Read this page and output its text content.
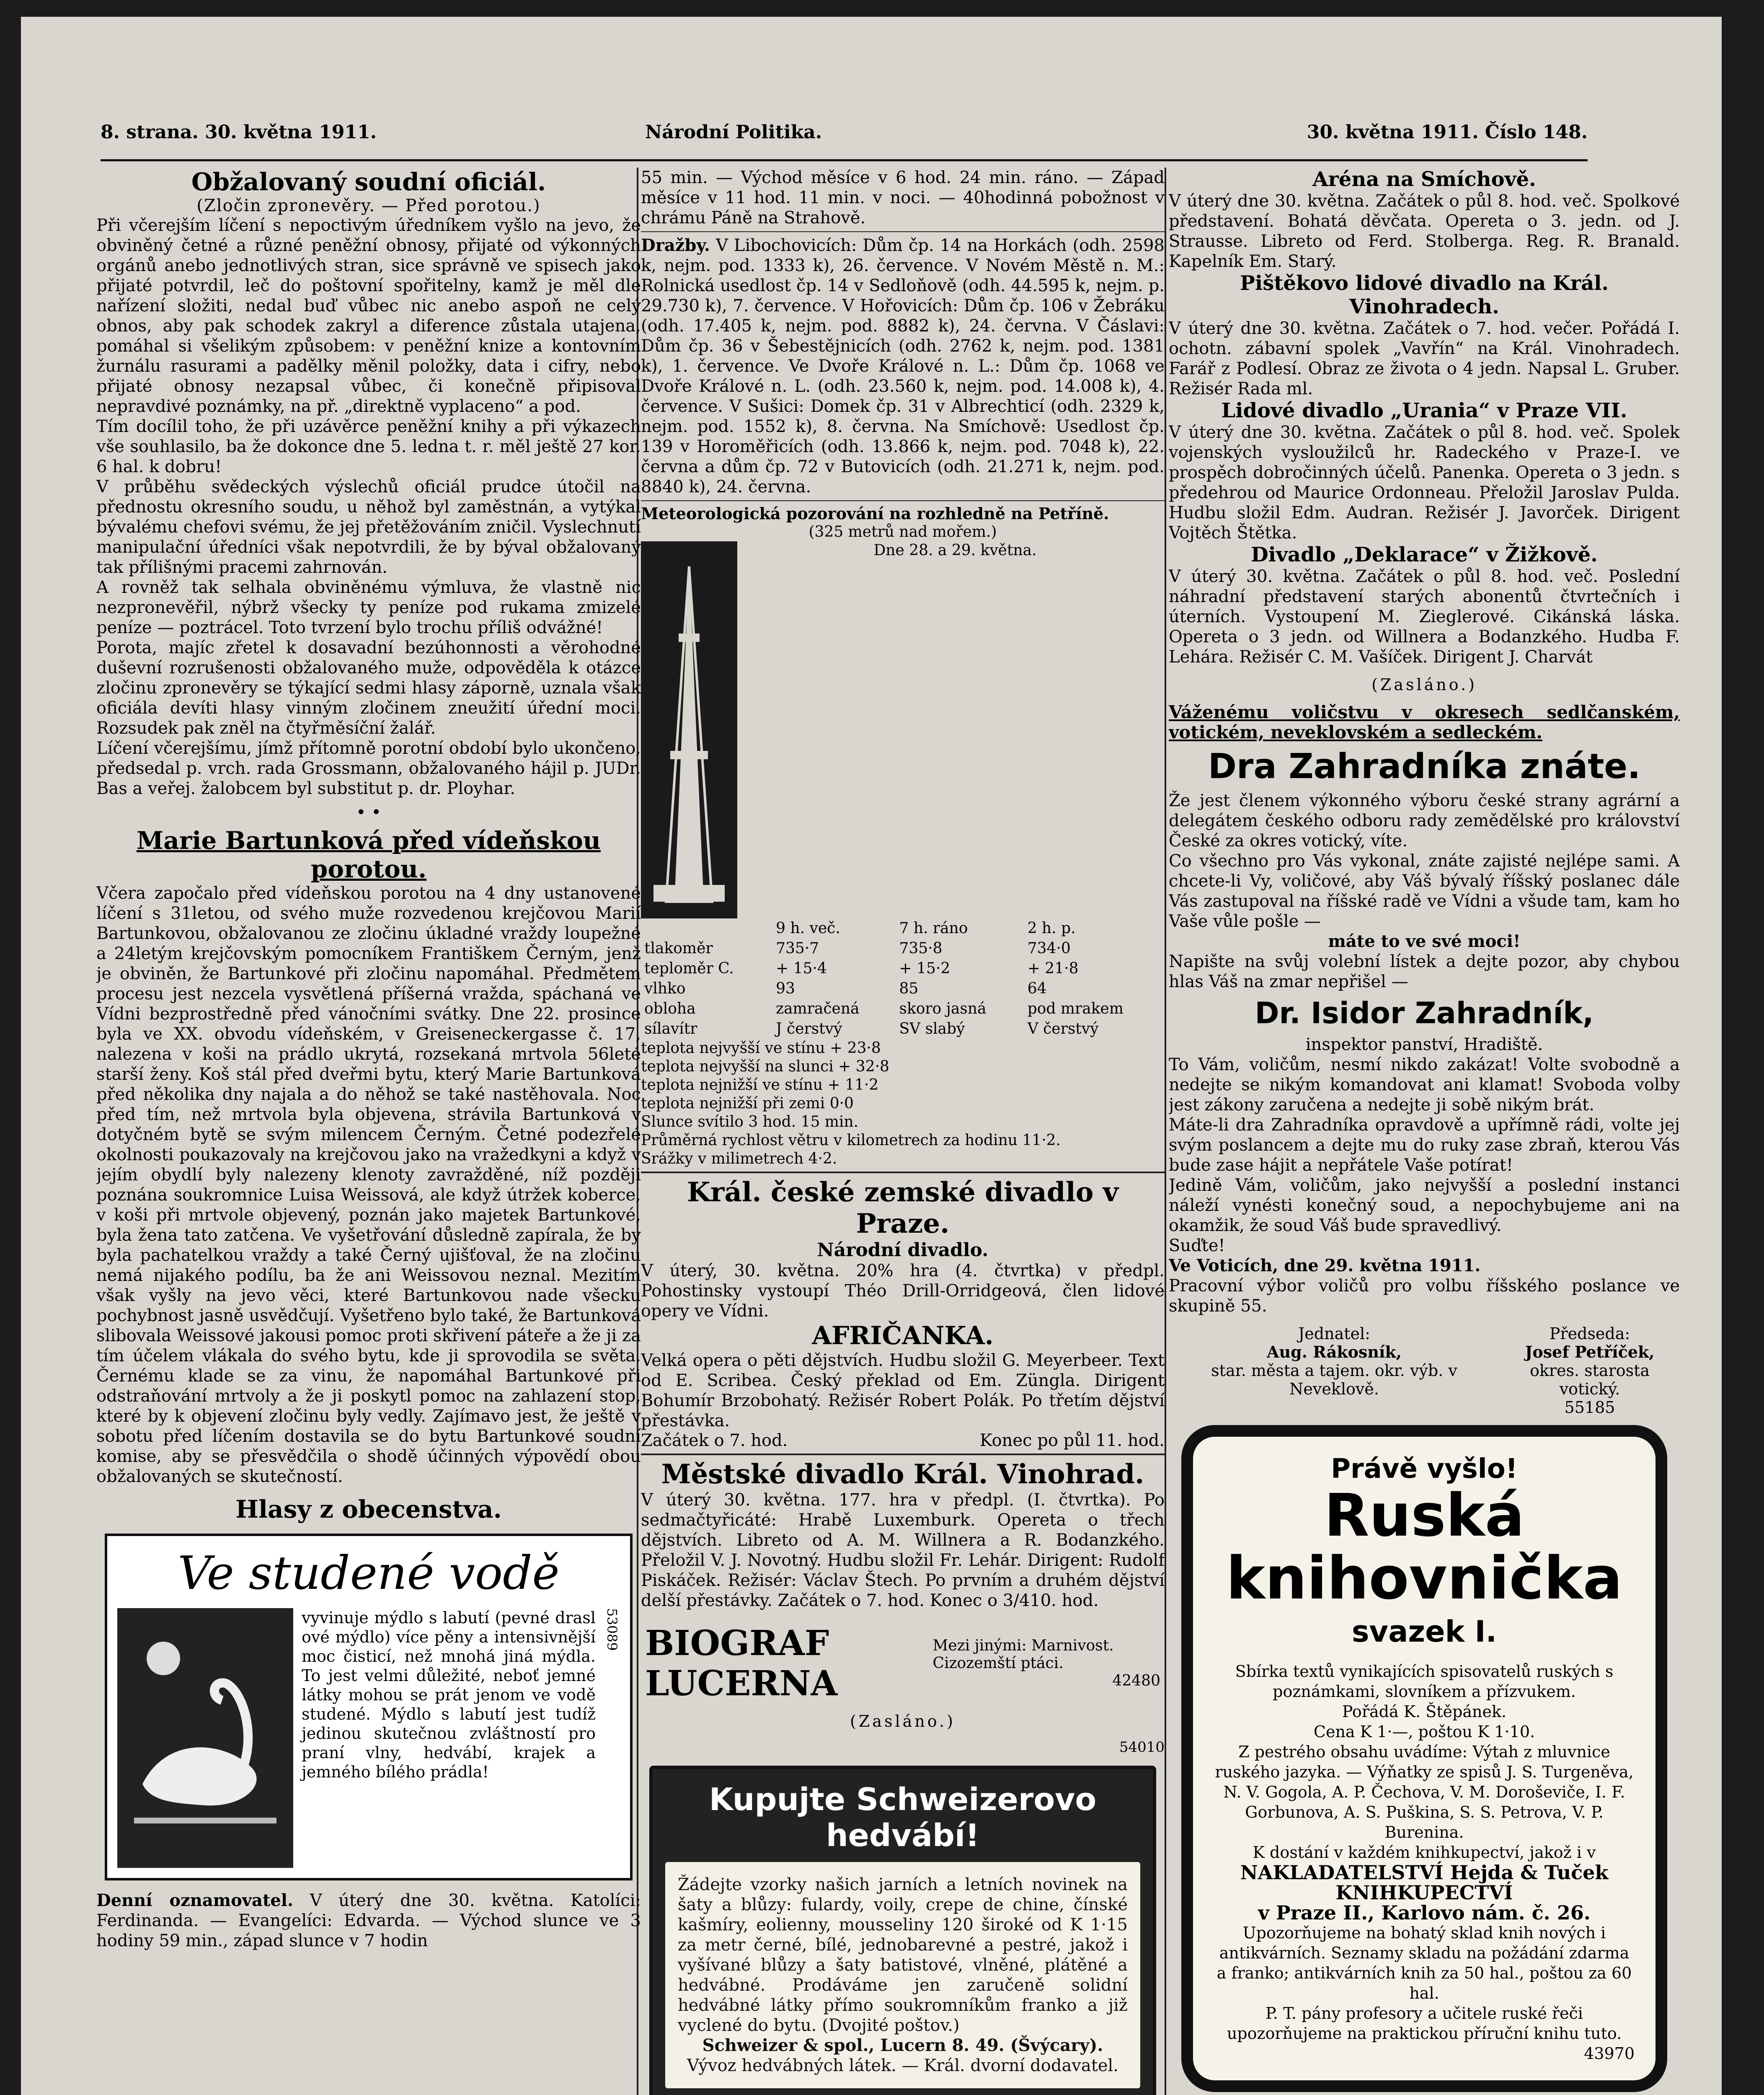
8. strana. 30. května 1911.	Národní Politika.	30. května 1911. Číslo 148.
Obžalovaný soudní oficiál.
(Zločin zpronevěry. — Před porotou.)

Při včerejším líčení s nepoctivým úředníkem vyšlo na jevo, že obviněný četné a různé peněžní obnosy, přijaté od výkonných orgánů anebo jednotlivých stran, sice správně ve spisech jako přijaté potvrdil, leč do poštovní spořitelny, kamž je měl dle nařízení složiti, nedal buď vůbec nic anebo aspoň ne celý obnos, aby pak schodek zakryl a diference zůstala utajena, pomáhal si všelikým způsobem: v peněžní knize a kontovním žurnálu rasurami a padělky měnil položky, data i cifry, nebo přijaté obnosy nezapsal vůbec, či konečně připisoval nepravdivé poznámky, na př. „direktně vyplaceno“ a pod.

Tím docílil toho, že při uzávěrce peněžní knihy a při výkazech vše souhlasilo, ba že dokonce dne 5. ledna t. r. měl ještě 27 kor. 6 hal. k dobru!

V průběhu svědeckých výslechů oficiál prudce útočil na přednostu okresního soudu, u něhož byl zaměstnán, a vytýkal bývalému chefovi svému, že jej přetěžováním zničil. Vyslechnutí manipulační úředníci však nepotvrdili, že by býval obžalovaný tak přílišnými pracemi zahrnován.

A rovněž tak selhala obviněnému výmluva, že vlastně nic nezpronevěřil, nýbrž všecky ty peníze pod rukama zmizelé peníze — poztrácel. Toto tvrzení bylo trochu příliš odvážné!

Porota, majíc zřetel k dosavadní bezúhonnosti a věrohodné duševní rozrušenosti obžalovaného muže, odpověděla k otázce zločinu zpronevěry se týkající sedmi hlasy záporně, uznala však oficiála devíti hlasy vinným zločinem zneužití úřední moci. Rozsudek pak zněl na čtyřměsíční žalář.

Líčení včerejšímu, jímž přítomně porotní období bylo ukončeno, předsedal p. vrch. rada Grossmann, obžalovaného hájil p. JUDr. Bas a veřej. žalobcem byl substitut p. dr. Ployhar.

• •
Marie Bartunková před vídeňskou porotou.

Včera započalo před vídeňskou porotou na 4 dny ustanovené líčení s 31letou, od svého muže rozvedenou krejčovou Marií Bartunkovou, obžalovanou ze zločinu úkladné vraždy loupežné a 24letým krejčovským pomocníkem Františkem Černým, jenž je obviněn, že Bartunkové při zločinu napomáhal. Předmětem procesu jest nezcela vysvětlená příšerná vražda, spáchaná ve Vídni bezprostředně před vánočními svátky. Dne 22. prosince byla ve XX. obvodu vídeňském, v Greiseneckergasse č. 17, nalezena v koši na prádlo ukrytá, rozsekaná mrtvola 56leté starší ženy. Koš stál před dveřmi bytu, který Marie Bartunková před několika dny najala a do něhož se také nastěhovala. Noc před tím, než mrtvola byla objevena, strávila Bartunková v dotyčném bytě se svým milencem Černým. Četné podezřelé okolnosti poukazovaly na krejčovou jako na vražedkyni a když v jejím obydlí byly nalezeny klenoty zavražděné, níž později poznána soukromnice Luisa Weissová, ale když útržek koberce, v koši při mrtvole objevený, poznán jako majetek Bartunkové, byla žena tato zatčena. Ve vyšetřování důsledně zapírala, že by byla pachatelkou vraždy a také Černý ujišťoval, že na zločinu nemá nijakého podílu, ba že ani Weissovou neznal. Mezitím však vyšly na jevo věci, které Bartunkovou nade všecku pochybnost jasně usvědčují. Vyšetřeno bylo také, že Bartunková slibovala Weissové jakousi pomoc proti skřivení páteře a že ji za tím účelem vlákala do svého bytu, kde ji sprovodila se světa. Černému klade se za vinu, že napomáhal Bartunkové při odstraňování mrtvoly a že ji poskytl pomoc na zahlazení stop, které by k objevení zločinu byly vedly. Zajímavo jest, že ještě v sobotu před líčením dostavila se do bytu Bartunkové soudní komise, aby se přesvědčila o shodě účinných výpovědí obou obžalovaných se skutečností.

Hlasy z obecenstva.
Ve studené vodě

vyvinuje mýdlo s labutí (pevné drasl ové mýdlo) více pěny a intensivnější moc čisticí, než mnohá jiná mýdla. To jest velmi důležité, neboť jemné látky mohou se prát jenom ve vodě studené. Mýdlo s labutí jest tudíž jedinou skutečnou zvláštností pro praní vlny, hedvábí, krajek a jemného bílého prádla!

53089

Denní oznamovatel. V úterý dne 30. května. Katolíci: Ferdinanda. — Evangelíci: Edvarda. — Východ slunce ve 3 hodiny 59 min., západ slunce v 7 hodin

55 min. — Východ měsíce v 6 hod. 24 min. ráno. — Západ měsíce v 11 hod. 11 min. v noci. — 40hodinná pobožnost v chrámu Páně na Strahově.

Dražby. V Libochovicích: Dům čp. 14 na Horkách (odh. 2598 k, nejm. pod. 1333 k), 26. července. V Novém Městě n. M.: Rolnická usedlost čp. 14 v Sedloňově (odh. 44.595 k, nejm. p. 29.730 k), 7. července. V Hořovicích: Dům čp. 106 v Žebráku (odh. 17.405 k, nejm. pod. 8882 k), 24. června. V Čáslavi: Dům čp. 36 v Šebestějnicích (odh. 2762 k, nejm. pod. 1381 k), 1. července. Ve Dvoře Králové n. L.: Dům čp. 1068 ve Dvoře Králové n. L. (odh. 23.560 k, nejm. pod. 14.008 k), 4. července. V Sušici: Domek čp. 31 v Albrechticí (odh. 2329 k, nejm. pod. 1552 k), 8. června. Na Smíchově: Usedlost čp. 139 v Horoměřicích (odh. 13.866 k, nejm. pod. 7048 k), 22. června a dům čp. 72 v Butovicích (odh. 21.271 k, nejm. pod. 8840 k), 24. června.

Meteorologická pozorování na rozhledně na Petříně.
(325 metrů nad mořem.)
Dne 28. a 29. května.
	9 h. več.	7 h. ráno	2 h. p.
tlakoměr	735·7	735·8	734·0
teploměr C.	+ 15·4	+ 15·2	+ 21·8
vlhko	93	85	64
obloha	zamračená	skoro jasná	pod mrakem
sílavítr	J čerstvý	SV slabý	V čerstvý
teplota nejvyšší ve stínu + 23·8
teplota nejvyšší na slunci + 32·8
teplota nejnižší ve stínu + 11·2
teplota nejnižší při zemi 0·0
Slunce svítilo 3 hod. 15 min.
Průměrná rychlost větru v kilometrech za hodinu 11·2.
Srážky v milimetrech 4·2.
Král. české zemské divadlo v Praze.
Národní divadlo.

V úterý, 30. května. 20% hra (4. čtvrtka) v předpl. Pohostinsky vystoupí Théo Drill-Orridgeová, člen lidové opery ve Vídni.

AFRIČANKA.

Velká opera o pěti dějstvích. Hudbu složil G. Meyerbeer. Text od E. Scribea. Český překlad od Em. Züngla. Dirigent Bohumír Brzobohatý. Režisér Robert Polák. Po třetím dějství přestávka.

Začátek o 7. hod.	Konec po půl 11. hod.
Městské divadlo Král. Vinohrad.

V úterý 30. května. 177. hra v předpl. (I. čtvrtka). Po sedmačtyřicáté: Hrabě Luxemburk. Opereta o třech dějstvích. Libreto od A. M. Willnera a R. Bodanzkého. Přeložil V. J. Novotný. Hudbu složil Fr. Lehár. Dirigent: Rudolf Piskáček. Režisér: Václav Štech. Po prvním a druhém dějství delší přestávky. Začátek o 7. hod. Konec o 3/410. hod.

BIOGRAF LUCERNA
Mezi jinými: Marnivost. Cizozemští ptáci.
42480
(Zasláno.)
54010
Kupujte Schweizerovo hedvábí!

Žádejte vzorky našich jarních a letních novinek na šaty a blůzy: fulardy, voily, crepe de chine, čínské kašmíry, eolienny, mousseliny 120 široké od K 1·15 za metr černé, bílé, jednobarevné a pestré, jakož i vyšívané blůzy a šaty batistové, vlněné, plátěné a hedvábné. Prodáváme jen zaručeně solidní hedvábné látky přímo soukromníkům franko a již vyclené do bytu. (Dvojité poštov.)

Schweizer & spol., Lucern 8. 49. (Švýcary).

Vývoz hedvábných látek. — Král. dvorní dodavatel.

Aréna na Smíchově.

V úterý dne 30. května. Začátek o půl 8. hod. več. Spolkové představení. Bohatá děvčata. Opereta o 3. jedn. od J. Strausse. Libreto od Ferd. Stolberga. Reg. R. Branald. Kapelník Em. Starý.

Pištěkovo lidové divadlo na Král. Vinohradech.

V úterý dne 30. května. Začátek o 7. hod. večer. Pořádá I. ochotn. zábavní spolek „Vavřín“ na Král. Vinohradech. Farář z Podlesí. Obraz ze života o 4 jedn. Napsal L. Gruber. Režisér Rada ml.

Lidové divadlo „Urania“ v Praze VII.

V úterý dne 30. května. Začátek o půl 8. hod. več. Spolek vojenských vysloužilců hr. Radeckého v Praze-I. ve prospěch dobročinných účelů. Panenka. Opereta o 3 jedn. s předehrou od Maurice Ordonneau. Přeložil Jaroslav Pulda. Hudbu složil Edm. Audran. Režisér J. Javorček. Dirigent Vojtěch Štětka.

Divadlo „Deklarace“ v Žižkově.

V úterý 30. května. Začátek o půl 8. hod. več. Poslední náhradní představení starých abonentů čtvrtečních i úterních. Vystoupení M. Zieglerové. Cikánská láska. Opereta o 3 jedn. od Willnera a Bodanzkého. Hudba F. Lehára. Režisér C. M. Vašíček. Dirigent J. Charvát

(Zasláno.)

Váženému voličstvu v okresech sedlčanském, votickém, neveklovském a sedleckém.

Dra Zahradníka znáte.

Že jest členem výkonného výboru české strany agrární a delegátem českého odboru rady zemědělské pro království České za okres votický, víte.

Co všechno pro Vás vykonal, znáte zajisté nejlépe sami. A chcete-li Vy, voličové, aby Váš bývalý říšský poslanec dále Vás zastupoval na říšské radě ve Vídni a všude tam, kam ho Vaše vůle pošle —

máte to ve své moci!

Napište na svůj volební lístek a dejte pozor, aby chybou hlas Váš na zmar nepřišel —

Dr. Isidor Zahradník,

inspektor panství, Hradiště.

To Vám, voličům, nesmí nikdo zakázat! Volte svobodně a nedejte se nikým komandovat ani klamat! Svoboda volby jest zákony zaručena a nedejte ji sobě nikým brát.

Máte-li dra Zahradníka opravdově a upřímně rádi, volte jej svým poslancem a dejte mu do ruky zase zbraň, kterou Vás bude zase hájit a nepřátele Vaše potírat!

Jedině Vám, voličům, jako nejvyšší a poslední instanci náleží vynésti konečný soud, a nepochybujeme ani na okamžik, že soud Váš bude spravedlivý.

Suďte!

Ve Voticích, dne 29. května 1911.

Pracovní výbor voličů pro volbu říšského poslance ve skupině 55.

Jednatel:
Aug. Rákosník,
star. města a tajem. okr. výb. v Neveklově.
Předseda:
Josef Petříček,
okres. starosta votický.
55185
Právě vyšlo!
Ruská knihovnička
svazek I.

Sbírka textů vynikajících spisovatelů ruských s poznámkami, slovníkem a přízvukem.

Pořádá K. Štěpánek.

Cena K 1·—, poštou K 1·10.

Z pestrého obsahu uvádíme: Výtah z mluvnice ruského jazyka. — Výňatky ze spisů J. S. Turgeněva, N. V. Gogola, A. P. Čechova, V. M. Doroševiče, I. F. Gorbunova, A. S. Puškina, S. S. Petrova, V. P. Burenina.

K dostání v každém knihkupectví, jakož i v

NAKLADATELSTVÍ Hejda & Tuček KNIHKUPECTVÍ

v Praze II., Karlovo nám. č. 26.

Upozorňujeme na bohatý sklad knih nových i antikvárních. Seznamy skladu na požádání zdarma a franko; antikvárních knih za 50 hal., poštou za 60 hal.

P. T. pány profesory a učitele ruské řeči upozorňujeme na praktickou příruční knihu tuto.

43970
